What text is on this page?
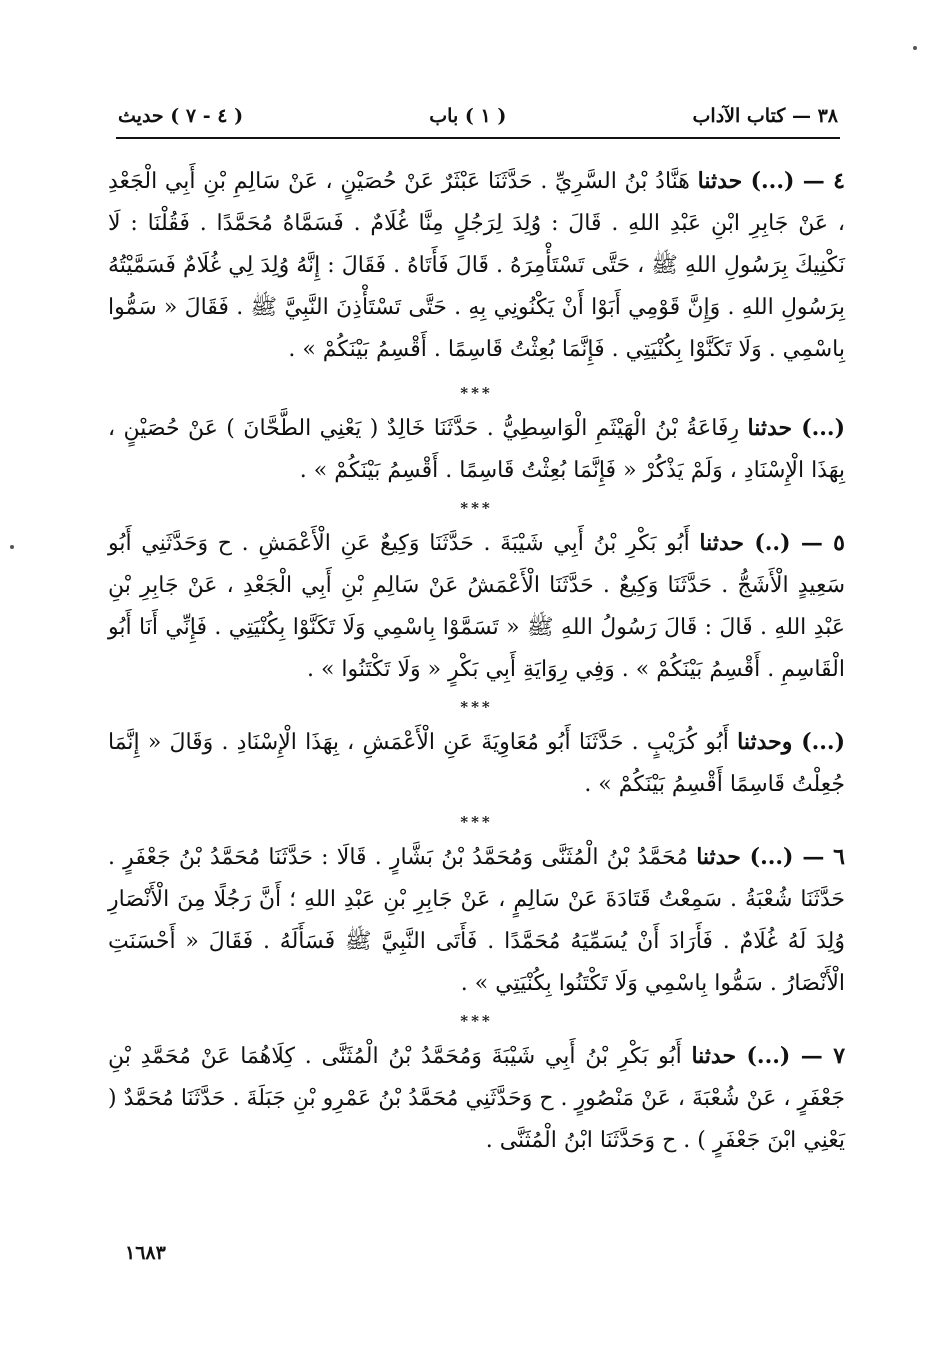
٣٨ — كتاب الآداب
( ١ ) باب
( ٤ - ٧ ) حديث

٤ — (...) حدثنا هَنَّادُ بْنُ السَّرِيِّ . حَدَّثَنَا عَبْثَرٌ عَنْ حُصَيْنٍ ، عَنْ سَالِمِ بْنِ أَبِي الْجَعْدِ ، عَنْ جَابِرِ ابْنِ عَبْدِ اللهِ . قَالَ : وُلِدَ لِرَجُلٍ مِنَّا غُلَامٌ . فَسَمَّاهُ مُحَمَّدًا . فَقُلْنَا : لَا نَكْنِيكَ بِرَسُولِ اللهِ ﷺ ، حَتَّى تَسْتَأْمِرَهُ . قَالَ فَأَتَاهُ . فَقَالَ : إِنَّهُ وُلِدَ لِي غُلَامٌ فَسَمَّيْتُهُ بِرَسُولِ اللهِ . وَإِنَّ قَوْمِي أَبَوْا أَنْ يَكْنُونِي بِهِ . حَتَّى تَسْتَأْذِنَ النَّبِيَّ ﷺ . فَقَالَ « سَمُّوا بِاسْمِي . وَلَا تَكَنَّوْا بِكُنْيَتِي . فَإِنَّمَا بُعِثْتُ قَاسِمًا . أَقْسِمُ بَيْنَكُمْ » .

***

(...) حدثنا رِفَاعَةُ بْنُ الْهَيْثَمِ الْوَاسِطِيُّ . حَدَّثَنَا خَالِدٌ ( يَعْنِي الطَّحَّانَ ) عَنْ حُصَيْنٍ ، بِهَذَا الْإِسْنَادِ ، وَلَمْ يَذْكُرْ « فَإِنَّمَا بُعِثْتُ قَاسِمًا . أَقْسِمُ بَيْنَكُمْ » .

***

٥ — (..) حدثنا أَبُو بَكْرِ بْنُ أَبِي شَيْبَةَ . حَدَّثَنَا وَكِيعٌ عَنِ الْأَعْمَشِ . ح وَحَدَّثَنِي أَبُو سَعِيدٍ الْأَشَجُّ . حَدَّثَنَا وَكِيعٌ . حَدَّثَنَا الْأَعْمَشُ عَنْ سَالِمِ بْنِ أَبِي الْجَعْدِ ، عَنْ جَابِرِ بْنِ عَبْدِ اللهِ . قَالَ : قَالَ رَسُولُ اللهِ ﷺ « تَسَمَّوْا بِاسْمِي وَلَا تَكَنَّوْا بِكُنْيَتِي . فَإِنِّي أَنَا أَبُو الْقَاسِمِ . أَقْسِمُ بَيْنَكُمْ » . وَفِي رِوَايَةِ أَبِي بَكْرٍ « وَلَا تَكْتَنُوا » .

***

(...) وحدثنا أَبُو كُرَيْبٍ . حَدَّثَنَا أَبُو مُعَاوِيَةَ عَنِ الْأَعْمَشِ ، بِهَذَا الْإِسْنَادِ . وَقَالَ « إِنَّمَا جُعِلْتُ قَاسِمًا أَقْسِمُ بَيْنَكُمْ » .

***

٦ — (...) حدثنا مُحَمَّدُ بْنُ الْمُثَنَّى وَمُحَمَّدُ بْنُ بَشَّارٍ . قَالَا : حَدَّثَنَا مُحَمَّدُ بْنُ جَعْفَرٍ . حَدَّثَنَا شُعْبَةُ . سَمِعْتُ قَتَادَةَ عَنْ سَالِمٍ ، عَنْ جَابِرِ بْنِ عَبْدِ اللهِ ؛ أَنَّ رَجُلًا مِنَ الْأَنْصَارِ وُلِدَ لَهُ غُلَامٌ . فَأَرَادَ أَنْ يُسَمِّيَهُ مُحَمَّدًا . فَأَتَى النَّبِيَّ ﷺ فَسَأَلَهُ . فَقَالَ « أَحْسَنَتِ الْأَنْصَارُ . سَمُّوا بِاسْمِي وَلَا تَكْتَنُوا بِكُنْيَتِي » .

***

٧ — (...) حدثنا أَبُو بَكْرِ بْنُ أَبِي شَيْبَةَ وَمُحَمَّدُ بْنُ الْمُثَنَّى . كِلَاهُمَا عَنْ مُحَمَّدِ بْنِ جَعْفَرٍ ، عَنْ شُعْبَةَ ، عَنْ مَنْصُورٍ . ح وَحَدَّثَنِي مُحَمَّدُ بْنُ عَمْرِو بْنِ جَبَلَةَ . حَدَّثَنَا مُحَمَّدٌ ( يَعْنِي ابْنَ جَعْفَرٍ ) . ح وَحَدَّثَنَا ابْنُ الْمُثَنَّى .

١٦٨٣
